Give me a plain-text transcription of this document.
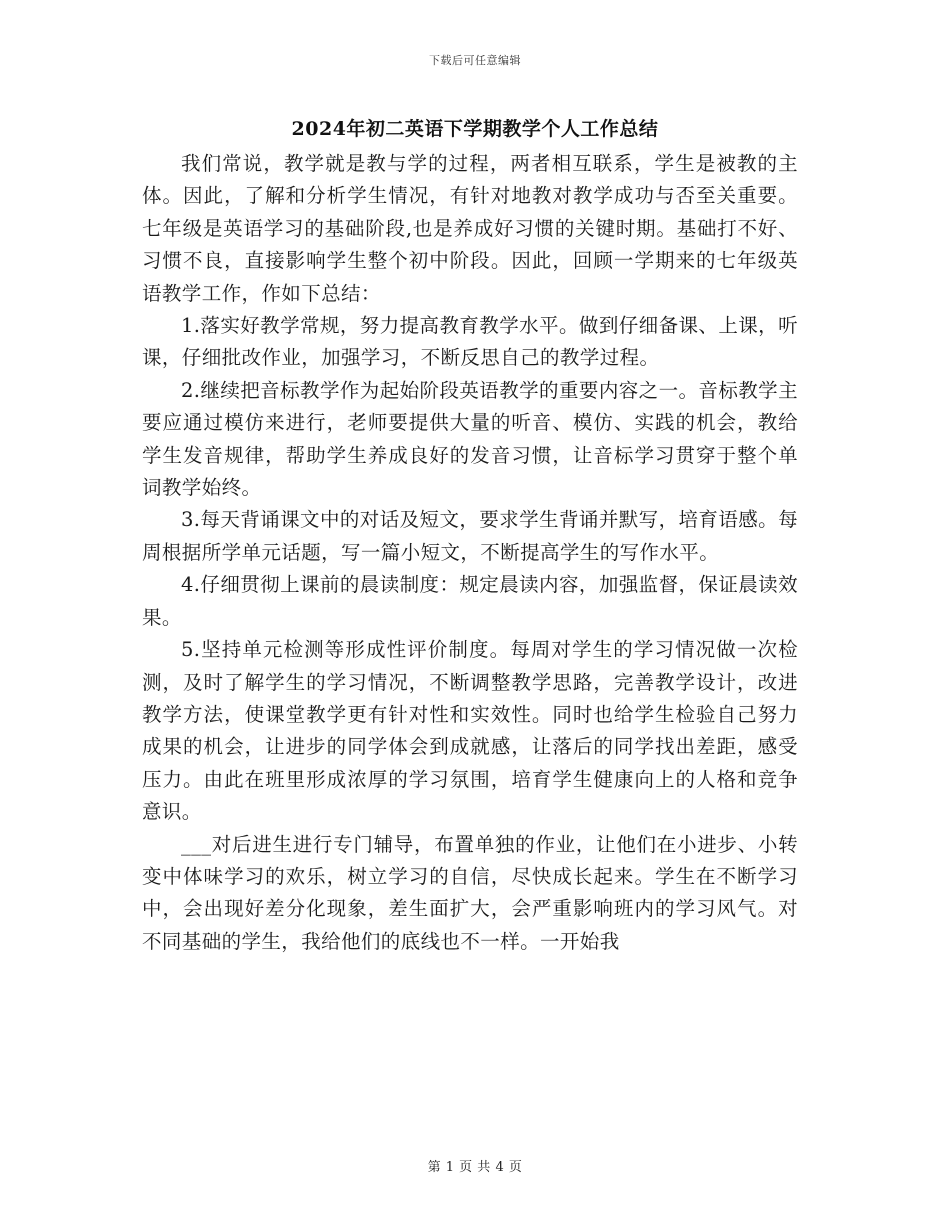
下载后可任意编辑
2024年初二英语下学期教学个人工作总结

我们常说，教学就是教与学的过程，两者相互联系，学生是被教的主体。因此，了解和分析学生情况，有针对地教对教学成功与否至关重要。七年级是英语学习的基础阶段,也是养成好习惯的关键时期。基础打不好、习惯不良，直接影响学生整个初中阶段。因此，回顾一学期来的七年级英语教学工作，作如下总结：

1.落实好教学常规，努力提高教育教学水平。做到仔细备课、上课，听课，仔细批改作业，加强学习，不断反思自己的教学过程。

2.继续把音标教学作为起始阶段英语教学的重要内容之一。音标教学主要应通过模仿来进行，老师要提供大量的听音、模仿、实践的机会，教给学生发音规律，帮助学生养成良好的发音习惯，让音标学习贯穿于整个单词教学始终。

3.每天背诵课文中的对话及短文，要求学生背诵并默写，培育语感。每周根据所学单元话题，写一篇小短文，不断提高学生的写作水平。

4.仔细贯彻上课前的晨读制度：规定晨读内容，加强监督，保证晨读效果。

5.坚持单元检测等形成性评价制度。每周对学生的学习情况做一次检测，及时了解学生的学习情况，不断调整教学思路，完善教学设计，改进教学方法，使课堂教学更有针对性和实效性。同时也给学生检验自己努力成果的机会，让进步的同学体会到成就感，让落后的同学找出差距，感受压力。由此在班里形成浓厚的学习氛围，培育学生健康向上的人格和竞争意识。

___对后进生进行专门辅导，布置单独的作业，让他们在小进步、小转变中体味学习的欢乐，树立学习的自信，尽快成长起来。学生在不断学习中，会出现好差分化现象，差生面扩大，会严重影响班内的学习风气。对不同基础的学生，我给他们的底线也不一样。一开始我

第 1 页 共 4 页
